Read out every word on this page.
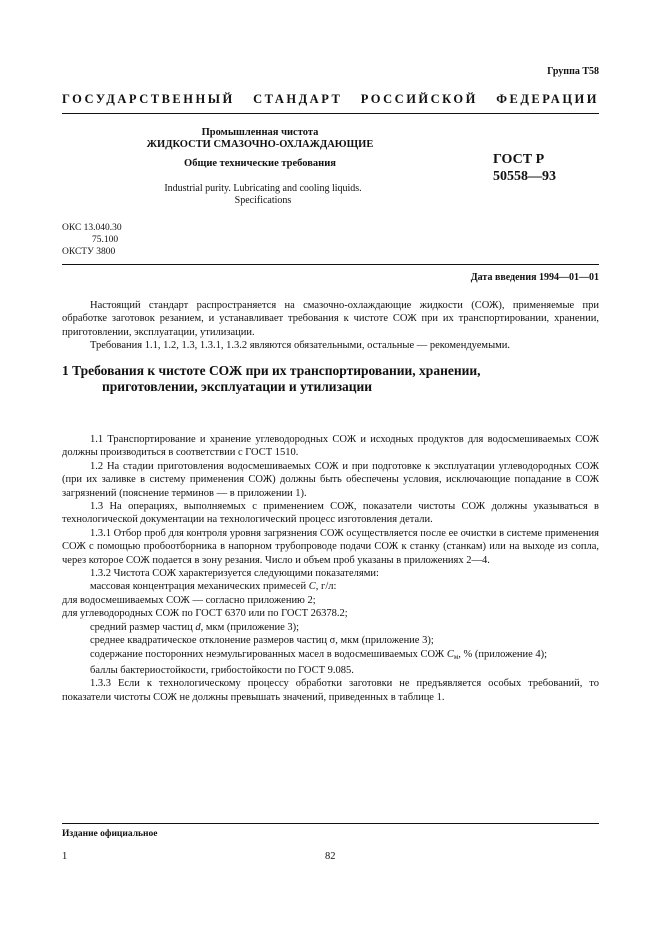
Группа Т58
ГОСУДАРСТВЕННЫЙ СТАНДАРТ РОССИЙСКОЙ ФЕДЕРАЦИИ
Промышленная чистота
ЖИДКОСТИ СМАЗОЧНО-ОХЛАЖДАЮЩИЕ
Общие технические требования	ГОСТ Р
50558—93
Industrial purity. Lubricating and cooling liquids.
Specifications
ОКС 13.040.30
75.100
ОКСТУ 3800
Дата введения 1994—01—01

Настоящий стандарт распространяется на смазочно-охлаждающие жидкости (СОЖ), применяемые при обработке заготовок резанием, и устанавливает требования к чистоте СОЖ при их транспортировании, хранении, приготовлении, эксплуатации, утилизации.

Требования 1.1, 1.2, 1.3, 1.3.1, 1.3.2 являются обязательными, остальные — рекомендуемыми.

1 Требования к чистоте СОЖ при их транспортировании, хранении,
приготовлении, эксплуатации и утилизации

1.1 Транспортирование и хранение углеводородных СОЖ и исходных продуктов для водосмешиваемых СОЖ должны производиться в соответствии с ГОСТ 1510.

1.2 На стадии приготовления водосмешиваемых СОЖ и при подготовке к эксплуатации углеводородных СОЖ (при их заливке в систему применения СОЖ) должны быть обеспечены условия, исключающие попадание в СОЖ загрязнений (пояснение терминов — в приложении 1).

1.3 На операциях, выполняемых с применением СОЖ, показатели чистоты СОЖ должны указываться в технологической документации на технологический процесс изготовления детали.

1.3.1 Отбор проб для контроля уровня загрязнения СОЖ осуществляется после ее очистки в системе применения СОЖ с помощью пробоотборника в напорном трубопроводе подачи СОЖ к станку (станкам) или на выходе из сопла, через которое СОЖ подается в зону резания. Число и объем проб указаны в приложениях 2—4.

1.3.2 Чистота СОЖ характеризуется следующими показателями:

массовая концентрация механических примесей C, г/л:

для водосмешиваемых СОЖ — согласно приложению 2;

для углеводородных СОЖ по ГОСТ 6370 или по ГОСТ 26378.2;

средний размер частиц d, мкм (приложение 3);

среднее квадратическое отклонение размеров частиц σ, мкм (приложение 3);

содержание посторонних неэмульгированных масел в водосмешиваемых СОЖ $C_м$, % (приложение 4);

баллы бактериостойкости, грибостойкости по ГОСТ 9.085.

1.3.3 Если к технологическому процессу обработки заготовки не предъявляется особых требований, то показатели чистоты СОЖ не должны превышать значений, приведенных в таблице 1.

Издание официальное
1	82
